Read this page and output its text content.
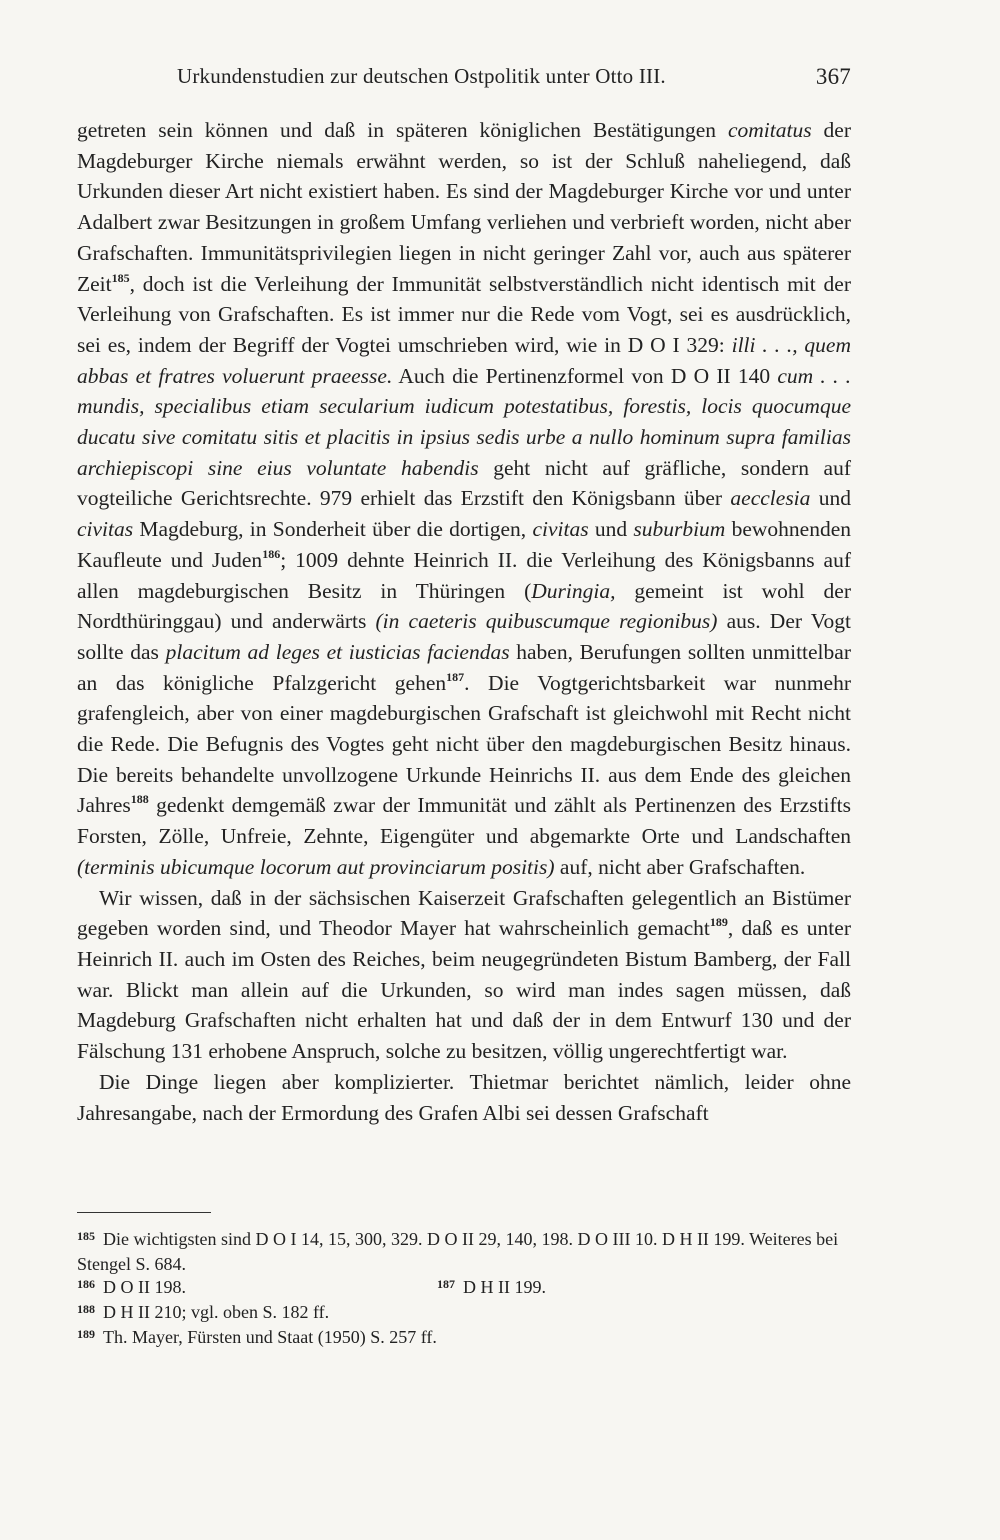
Urkundenstudien zur deutschen Ostpolitik unter Otto III.	367

getreten sein können und daß in späteren königlichen Bestätigungen comitatus der Magdeburger Kirche niemals erwähnt werden, so ist der Schluß naheliegend, daß Urkunden dieser Art nicht existiert haben. Es sind der Magdeburger Kirche vor und unter Adalbert zwar Besitzungen in großem Umfang verliehen und verbrieft worden, nicht aber Grafschaften. Immunitätsprivilegien liegen in nicht geringer Zahl vor, auch aus späterer Zeit$^{185}$, doch ist die Verleihung der Immunität selbstverständlich nicht identisch mit der Verleihung von Grafschaften. Es ist immer nur die Rede vom Vogt, sei es ausdrücklich, sei es, indem der Begriff der Vogtei umschrieben wird, wie in D O I 329: illi . . ., quem abbas et fratres voluerunt praeesse. Auch die Pertinenzformel von D O II 140 cum . . . mundis, specialibus etiam secularium iudicum potestatibus, forestis, locis quocumque ducatu sive comitatu sitis et placitis in ipsius sedis urbe a nullo hominum supra familias archiepiscopi sine eius voluntate habendis geht nicht auf gräfliche, sondern auf vogteiliche Gerichtsrechte. 979 erhielt das Erzstift den Königsbann über aecclesia und civitas Magdeburg, in Sonderheit über die dortigen, civitas und suburbium bewohnenden Kaufleute und Juden$^{186}$; 1009 dehnte Heinrich II. die Verleihung des Königsbanns auf allen magdeburgischen Besitz in Thüringen (Duringia, gemeint ist wohl der Nordthüringgau) und anderwärts (in caeteris quibuscumque regionibus) aus. Der Vogt sollte das placitum ad leges et iusticias faciendas haben, Berufungen sollten unmittelbar an das königliche Pfalzgericht gehen$^{187}$. Die Vogtgerichtsbarkeit war nunmehr grafengleich, aber von einer magdeburgischen Grafschaft ist gleichwohl mit Recht nicht die Rede. Die Befugnis des Vogtes geht nicht über den magdeburgischen Besitz hinaus. Die bereits behandelte unvollzogene Urkunde Heinrichs II. aus dem Ende des gleichen Jahres$^{188}$ gedenkt demgemäß zwar der Immunität und zählt als Pertinenzen des Erzstifts Forsten, Zölle, Unfreie, Zehnte, Eigengüter und abgemarkte Orte und Landschaften (terminis ubicumque locorum aut provinciarum positis) auf, nicht aber Grafschaften.

Wir wissen, daß in der sächsischen Kaiserzeit Grafschaften gelegentlich an Bistümer gegeben worden sind, und Theodor Mayer hat wahrscheinlich gemacht$^{189}$, daß es unter Heinrich II. auch im Osten des Reiches, beim neugegründeten Bistum Bamberg, der Fall war. Blickt man allein auf die Urkunden, so wird man indes sagen müssen, daß Magdeburg Grafschaften nicht erhalten hat und daß der in dem Entwurf 130 und der Fälschung 131 erhobene Anspruch, solche zu besitzen, völlig ungerechtfertigt war.

Die Dinge liegen aber komplizierter. Thietmar berichtet nämlich, leider ohne Jahresangabe, nach der Ermordung des Grafen Albi sei dessen Grafschaft

185 Die wichtigsten sind D O I 14, 15, 300, 329. D O II 29, 140, 198. D O III 10. D H II 199. Weiteres bei Stengel S. 684.
186 D O II 198.	187 D H II 199.
188 D H II 210; vgl. oben S. 182 ff.
189 Th. Mayer, Fürsten und Staat (1950) S. 257 ff.
